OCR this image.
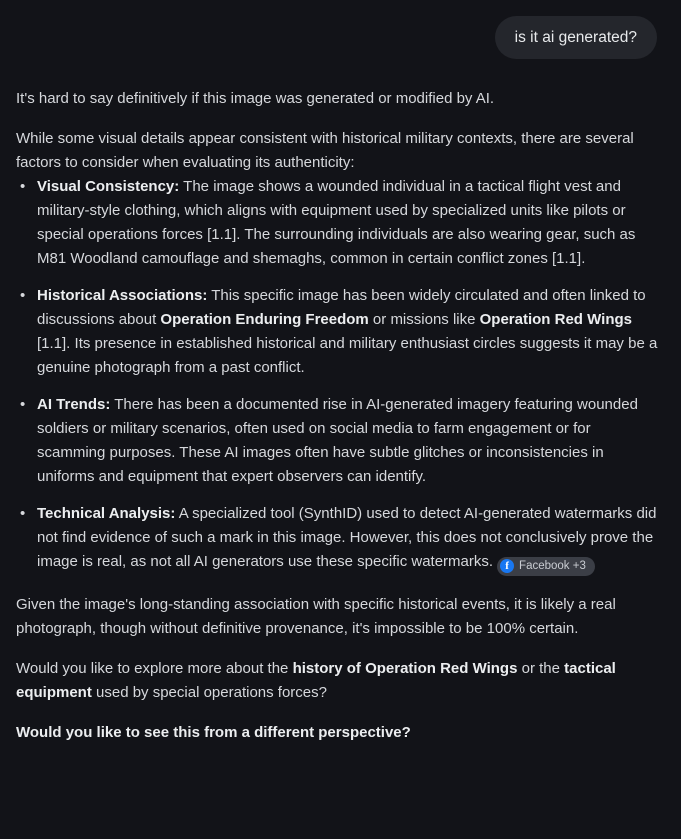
is it ai generated?

It's hard to say definitively if this image was generated or modified by AI.

While some visual details appear consistent with historical military contexts, there are several factors to consider when evaluating its authenticity:

• Visual Consistency: The image shows a wounded individual in a tactical flight vest and military-style clothing, which aligns with equipment used by specialized units like pilots or special operations forces [1.1]. The surrounding individuals are also wearing gear, such as M81 Woodland camouflage and shemaghs, common in certain conflict zones [1.1].
• Historical Associations: This specific image has been widely circulated and often linked to discussions about Operation Enduring Freedom or missions like Operation Red Wings [1.1]. Its presence in established historical and military enthusiast circles suggests it may be a genuine photograph from a past conflict.
• AI Trends: There has been a documented rise in AI-generated imagery featuring wounded soldiers or military scenarios, often used on social media to farm engagement or for scamming purposes. These AI images often have subtle glitches or inconsistencies in uniforms and equipment that expert observers can identify.
• Technical Analysis: A specialized tool (SynthID) used to detect AI-generated watermarks did not find evidence of such a mark in this image. However, this does not conclusively prove the image is real, as not all AI generators use these specific watermarks.	f Facebook +3

Given the image's long-standing association with specific historical events, it is likely a real photograph, though without definitive provenance, it's impossible to be 100% certain.

Would you like to explore more about the history of Operation Red Wings or the tactical equipment used by special operations forces?

Would you like to see this from a different perspective?
